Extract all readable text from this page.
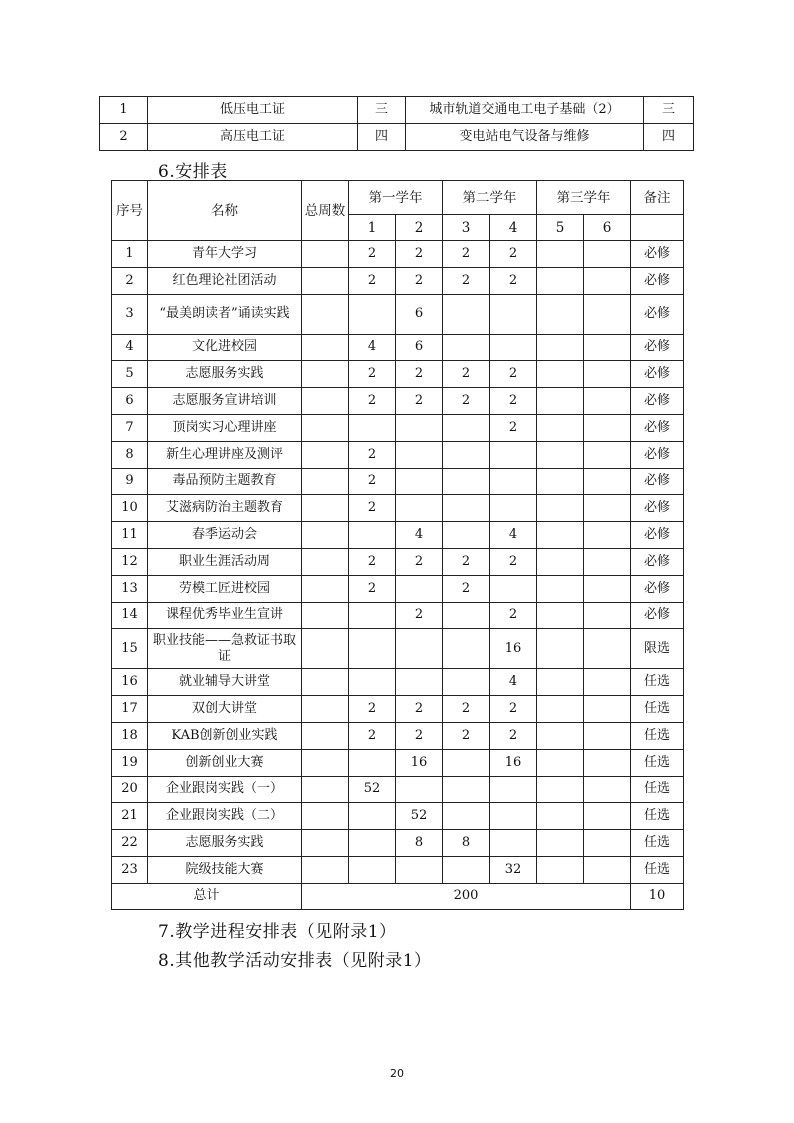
1	低压电工证	三	城市轨道交通电工电子基础（2）	三
2	高压电工证	四	变电站电气设备与维修	四
6.安排表
序号	名称	总周数	第一学年		第二学年		第三学年		备注
			1	2	3	4	5	6	
1	青年大学习		2	2	2	2			必修
2	红色理论社团活动		2	2	2	2			必修
3	“最美朗读者”诵读实践			6					必修
4	文化进校园		4	6					必修
5	志愿服务实践		2	2	2	2			必修
6	志愿服务宣讲培训		2	2	2	2			必修
7	顶岗实习心理讲座					2			必修
8	新生心理讲座及测评		2						必修
9	毒品预防主题教育		2						必修
10	艾滋病防治主题教育		2						必修
11	春季运动会			4		4			必修
12	职业生涯活动周		2	2	2	2			必修
13	劳模工匠进校园		2		2				必修
14	课程优秀毕业生宣讲			2		2			必修
15	职业技能——急救证书取证					16			限选
16	就业辅导大讲堂					4			任选
17	双创大讲堂		2	2	2	2			任选
18	KAB创新创业实践		2	2	2	2			任选
19	创新创业大赛			16		16			任选
20	企业跟岗实践（一）		52						任选
21	企业跟岗实践（二）			52					任选
22	志愿服务实践			8	8				任选
23	院级技能大赛					32			任选
总计		200							10
7.教学进程安排表（见附录1）
8.其他教学活动安排表（见附录1）
20
